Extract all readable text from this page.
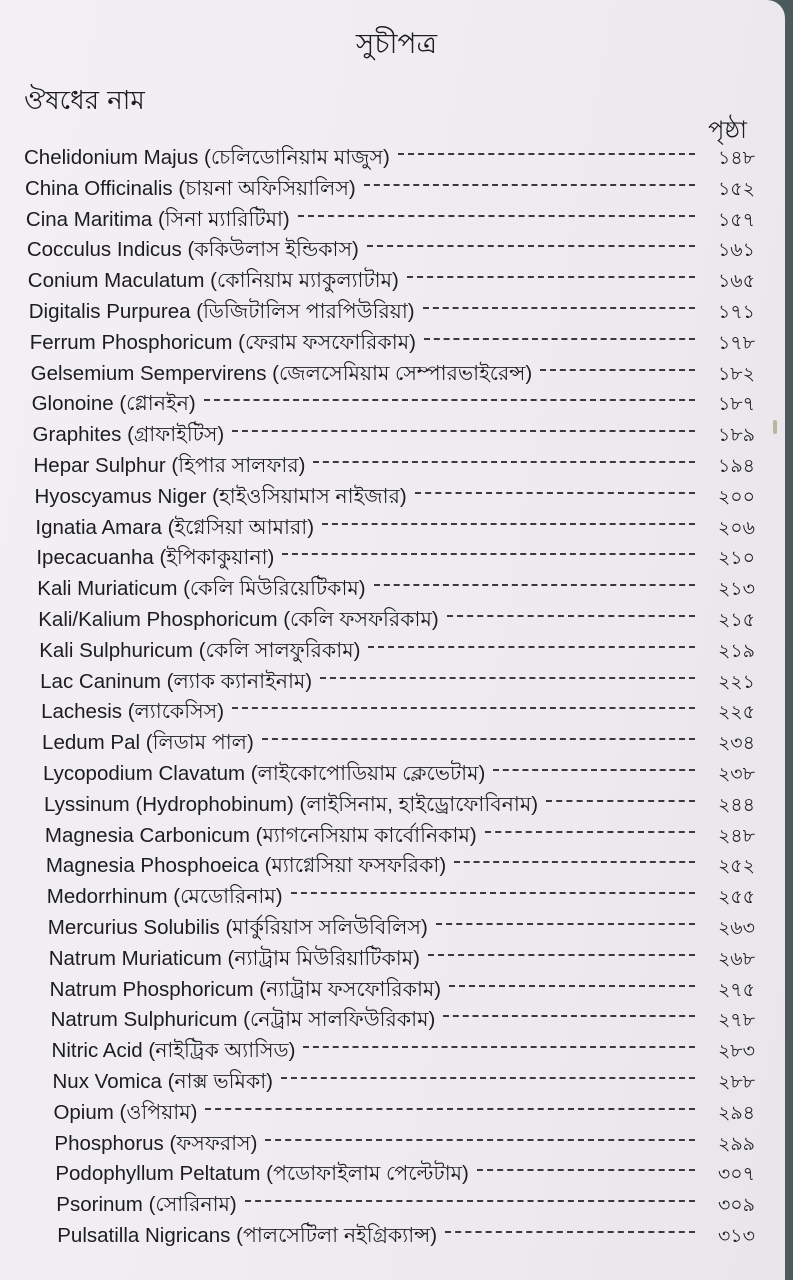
সুচীপত্র
ঔষধের নাম
পৃষ্ঠা
Chelidonium Majus (চেলিডোনিয়াম মাজুস)	১৪৮
China Officinalis (চায়না অফিসিয়ালিস)	১৫২
Cina Maritima (সিনা ম্যারিটিমা)	১৫৭
Cocculus Indicus (ককিউলাস ইন্ডিকাস)	১৬১
Conium Maculatum (কোনিয়াম ম্যাকুল্যাটাম)	১৬৫
Digitalis Purpurea (ডিজিটালিস পারপিউরিয়া)	১৭১
Ferrum Phosphoricum (ফেরাম ফসফোরিকাম)	১৭৮
Gelsemium Sempervirens (জেলসেমিয়াম সেম্পারভাইরেন্স)	১৮২
Glonoine (গ্লোনইন)	১৮৭
Graphites (গ্রাফাইটিস)	১৮৯
Hepar Sulphur (হিপার সালফার)	১৯৪
Hyoscyamus Niger (হাইওসিয়ামাস নাইজার)	২০০
Ignatia Amara (ইগ্নেসিয়া আমারা)	২০৬
Ipecacuanha (ইপিকাকুয়ানা)	২১০
Kali Muriaticum (কেলি মিউরিয়েটিকাম)	২১৩
Kali/Kalium Phosphoricum (কেলি ফসফরিকাম)	২১৫
Kali Sulphuricum (কেলি সালফুরিকাম)	২১৯
Lac Caninum (ল্যাক ক্যানাইনাম)	২২১
Lachesis (ল্যাকেসিস)	২২৫
Ledum Pal (লিডাম পাল)	২৩৪
Lycopodium Clavatum (লাইকোপোডিয়াম ক্লেভেটাম)	২৩৮
Lyssinum (Hydrophobinum) (লাইসিনাম, হাইড্রোফোবিনাম)	২৪৪
Magnesia Carbonicum (ম্যাগনেসিয়াম কার্বোনিকাম)	২৪৮
Magnesia Phosphoeica (ম্যাগ্নেসিয়া ফসফরিকা)	২৫২
Medorrhinum (মেডোরিনাম)	২৫৫
Mercurius Solubilis (মার্কুরিয়াস সলিউবিলিস)	২৬৩
Natrum Muriaticum (ন্যাট্রাম মিউরিয়াটিকাম)	২৬৮
Natrum Phosphoricum (ন্যাট্রাম ফসফোরিকাম)	২৭৫
Natrum Sulphuricum (নেট্রাম সালফিউরিকাম)	২৭৮
Nitric Acid (নাইট্রিক অ্যাসিড)	২৮৩
Nux Vomica (নাক্স ভমিকা)	২৮৮
Opium (ওপিয়াম)	২৯৪
Phosphorus (ফসফরাস)	২৯৯
Podophyllum Peltatum (পডোফাইলাম পেল্টেটাম)	৩০৭
Psorinum (সোরিনাম)	৩০৯
Pulsatilla Nigricans (পালসেটিলা নইগ্রিক্যান্স)	৩১৩
